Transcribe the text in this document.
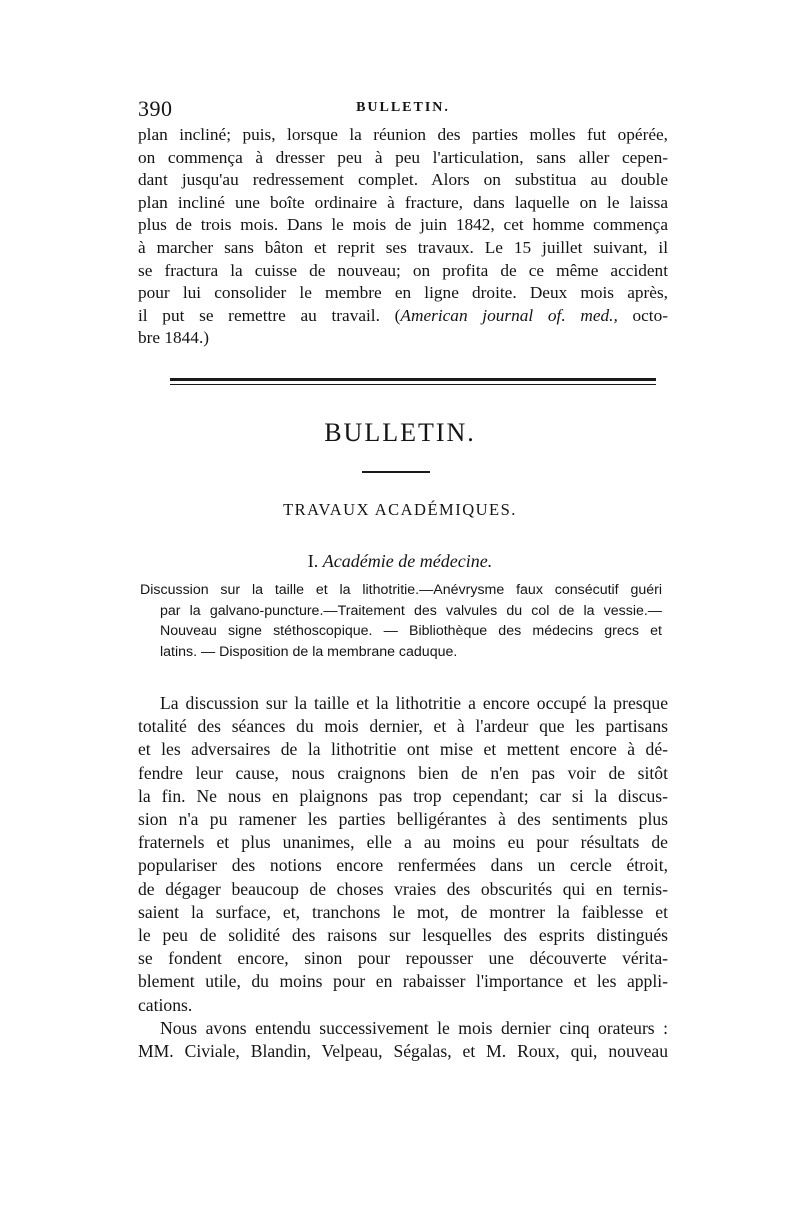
390	BULLETIN.
plan incliné; puis, lorsque la réunion des parties molles fut opérée,
on commença à dresser peu à peu l'articulation, sans aller cepen-
dant jusqu'au redressement complet. Alors on substitua au double
plan incliné une boîte ordinaire à fracture, dans laquelle on le laissa
plus de trois mois. Dans le mois de juin 1842, cet homme commença
à marcher sans bâton et reprit ses travaux. Le 15 juillet suivant, il
se fractura la cuisse de nouveau; on profita de ce même accident
pour lui consolider le membre en ligne droite. Deux mois après,
il put se remettre au travail. (American journal of. med., octo-
bre 1844.)
BULLETIN.
TRAVAUX ACADÉMIQUES.
I. Académie de médecine.
Discussion sur la taille et la lithotritie.—Anévrysme faux consécutif guéri
par la galvano-puncture.—Traitement des valvules du col de la vessie.—
Nouveau signe stéthoscopique. — Bibliothèque des médecins grecs et
latins. — Disposition de la membrane caduque.
La discussion sur la taille et la lithotritie a encore occupé la presque
totalité des séances du mois dernier, et à l'ardeur que les partisans
et les adversaires de la lithotritie ont mise et mettent encore à dé-
fendre leur cause, nous craignons bien de n'en pas voir de sitôt
la fin. Ne nous en plaignons pas trop cependant; car si la discus-
sion n'a pu ramener les parties belligérantes à des sentiments plus
fraternels et plus unanimes, elle a au moins eu pour résultats de
populariser des notions encore renfermées dans un cercle étroit,
de dégager beaucoup de choses vraies des obscurités qui en ternis-
saient la surface, et, tranchons le mot, de montrer la faiblesse et
le peu de solidité des raisons sur lesquelles des esprits distingués
se fondent encore, sinon pour repousser une découverte vérita-
blement utile, du moins pour en rabaisser l'importance et les appli-
cations.
Nous avons entendu successivement le mois dernier cinq orateurs :
MM. Civiale, Blandin, Velpeau, Ségalas, et M. Roux, qui, nouveau
